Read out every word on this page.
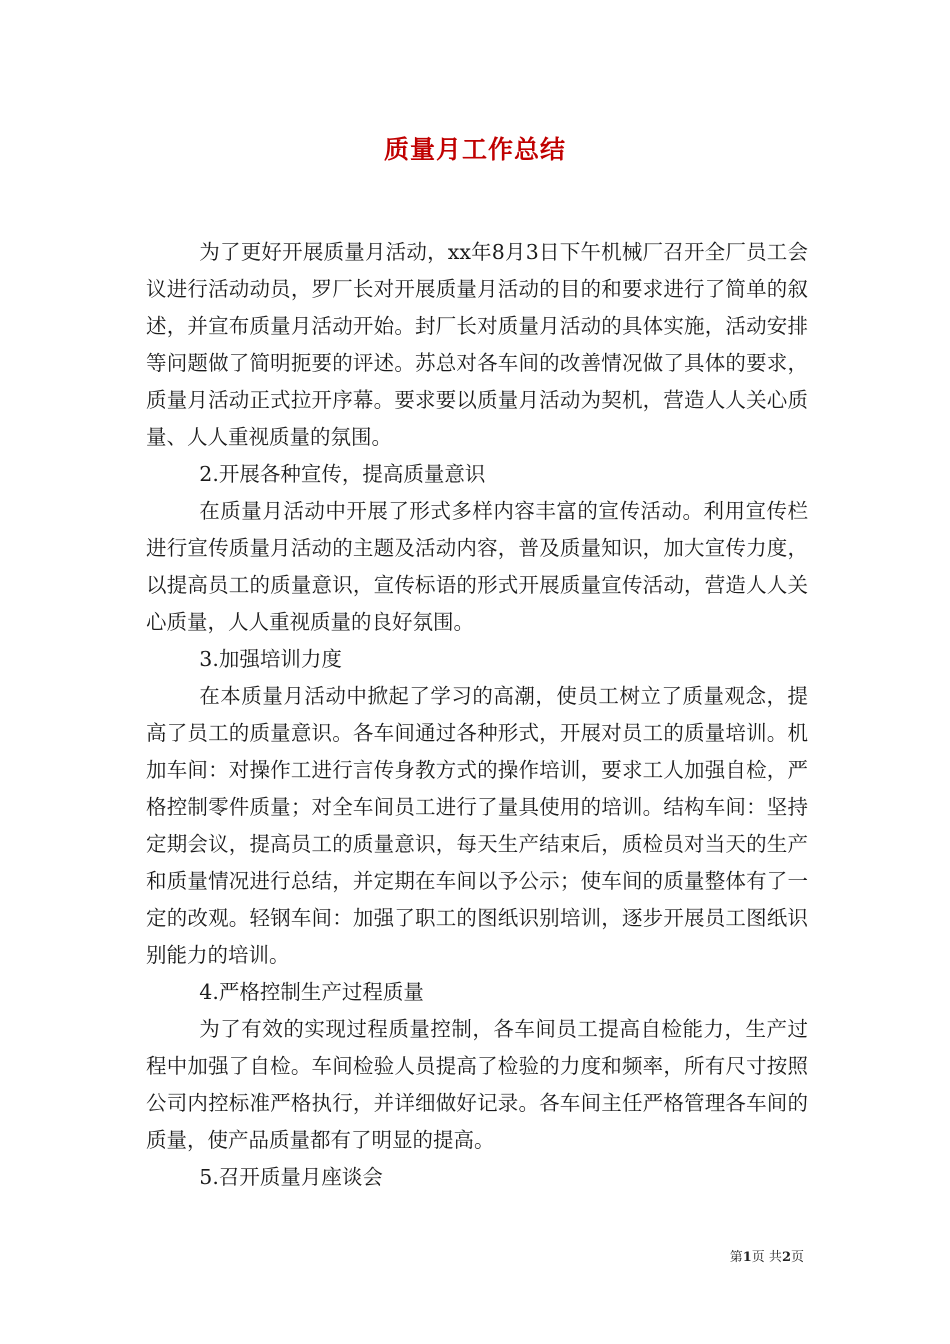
质量月工作总结

为了更好开展质量月活动，xx年8月3日下午机械厂召开全厂员工会议进行活动动员，罗厂长对开展质量月活动的目的和要求进行了简单的叙述，并宣布质量月活动开始。封厂长对质量月活动的具体实施，活动安排等问题做了简明扼要的评述。苏总对各车间的改善情况做了具体的要求，质量月活动正式拉开序幕。要求要以质量月活动为契机，营造人人关心质量、人人重视质量的氛围。

2.开展各种宣传，提高质量意识

在质量月活动中开展了形式多样内容丰富的宣传活动。利用宣传栏进行宣传质量月活动的主题及活动内容，普及质量知识，加大宣传力度，以提高员工的质量意识，宣传标语的形式开展质量宣传活动，营造人人关心质量，人人重视质量的良好氛围。

3.加强培训力度

在本质量月活动中掀起了学习的高潮，使员工树立了质量观念，提高了员工的质量意识。各车间通过各种形式，开展对员工的质量培训。机加车间：对操作工进行言传身教方式的操作培训，要求工人加强自检，严格控制零件质量；对全车间员工进行了量具使用的培训。结构车间：坚持定期会议，提高员工的质量意识，每天生产结束后，质检员对当天的生产和质量情况进行总结，并定期在车间以予公示；使车间的质量整体有了一定的改观。轻钢车间：加强了职工的图纸识别培训，逐步开展员工图纸识别能力的培训。

4.严格控制生产过程质量

为了有效的实现过程质量控制，各车间员工提高自检能力，生产过程中加强了自检。车间检验人员提高了检验的力度和频率，所有尺寸按照公司内控标准严格执行，并详细做好记录。各车间主任严格管理各车间的质量，使产品质量都有了明显的提高。

5.召开质量月座谈会

第1页 共2页
